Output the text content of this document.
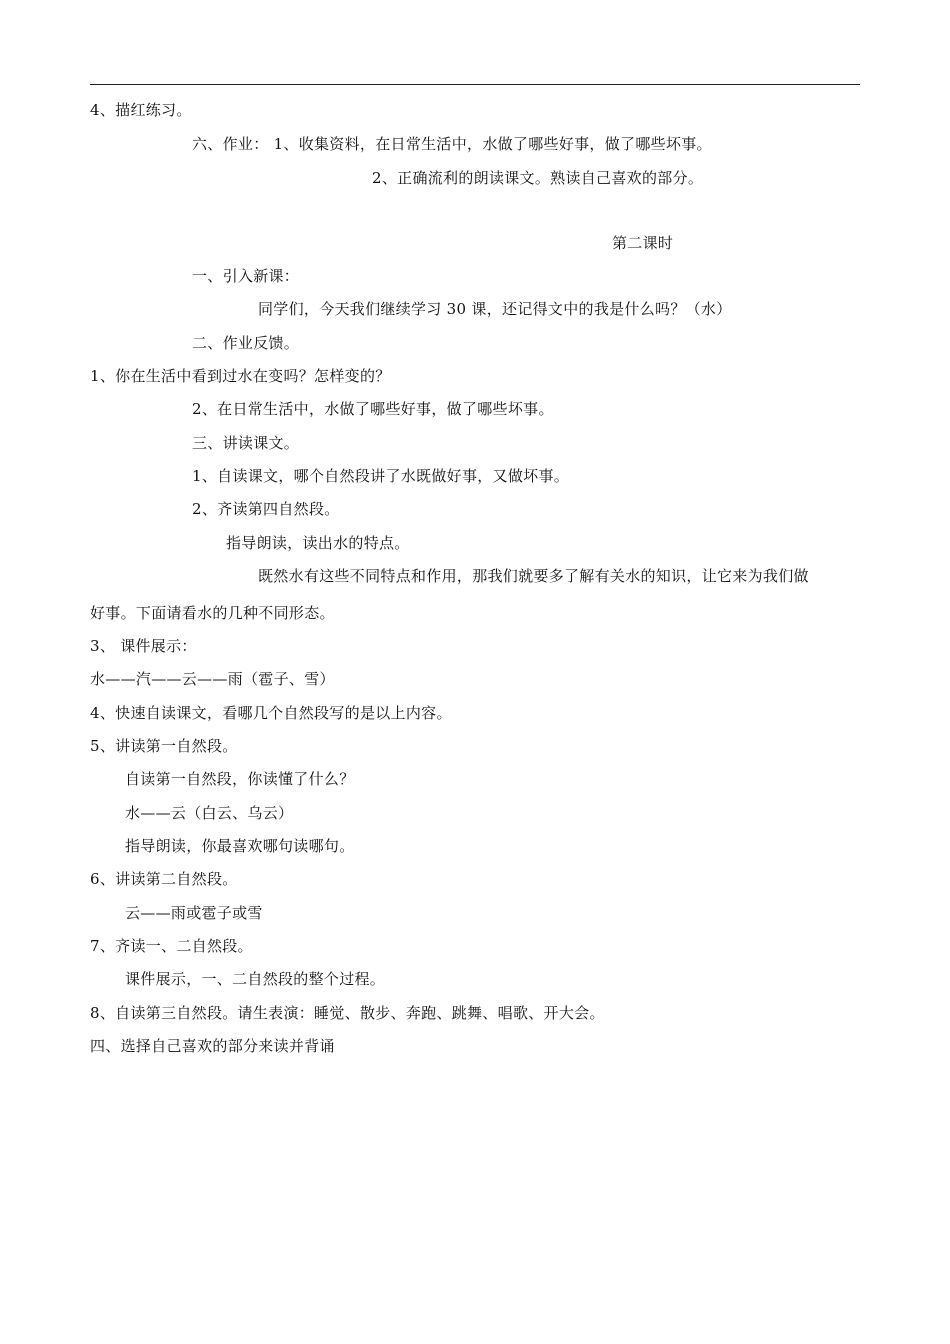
4、描红练习。
六、作业： 1、收集资料，在日常生活中，水做了哪些好事，做了哪些坏事。
2、正确流利的朗读课文。熟读自己喜欢的部分。
第二课时
一、引入新课：
同学们，今天我们继续学习 30 课，还记得文中的我是什么吗？（水）
二、作业反馈。
1、你在生活中看到过水在变吗？怎样变的？
2、在日常生活中，水做了哪些好事，做了哪些坏事。
三、讲读课文。
1、自读课文，哪个自然段讲了水既做好事，又做坏事。
2、齐读第四自然段。
指导朗读，读出水的特点。
既然水有这些不同特点和作用，那我们就要多了解有关水的知识，让它来为我们做
好事。下面请看水的几种不同形态。
3、 课件展示：
水——汽——云——雨（雹子、雪）
4、快速自读课文，看哪几个自然段写的是以上内容。
5、讲读第一自然段。
自读第一自然段，你读懂了什么？
水——云（白云、乌云）
指导朗读，你最喜欢哪句读哪句。
6、讲读第二自然段。
云——雨或雹子或雪
7、齐读一、二自然段。
课件展示，一、二自然段的整个过程。
8、自读第三自然段。请生表演：睡觉、散步、奔跑、跳舞、唱歌、开大会。
四、选择自己喜欢的部分来读并背诵
